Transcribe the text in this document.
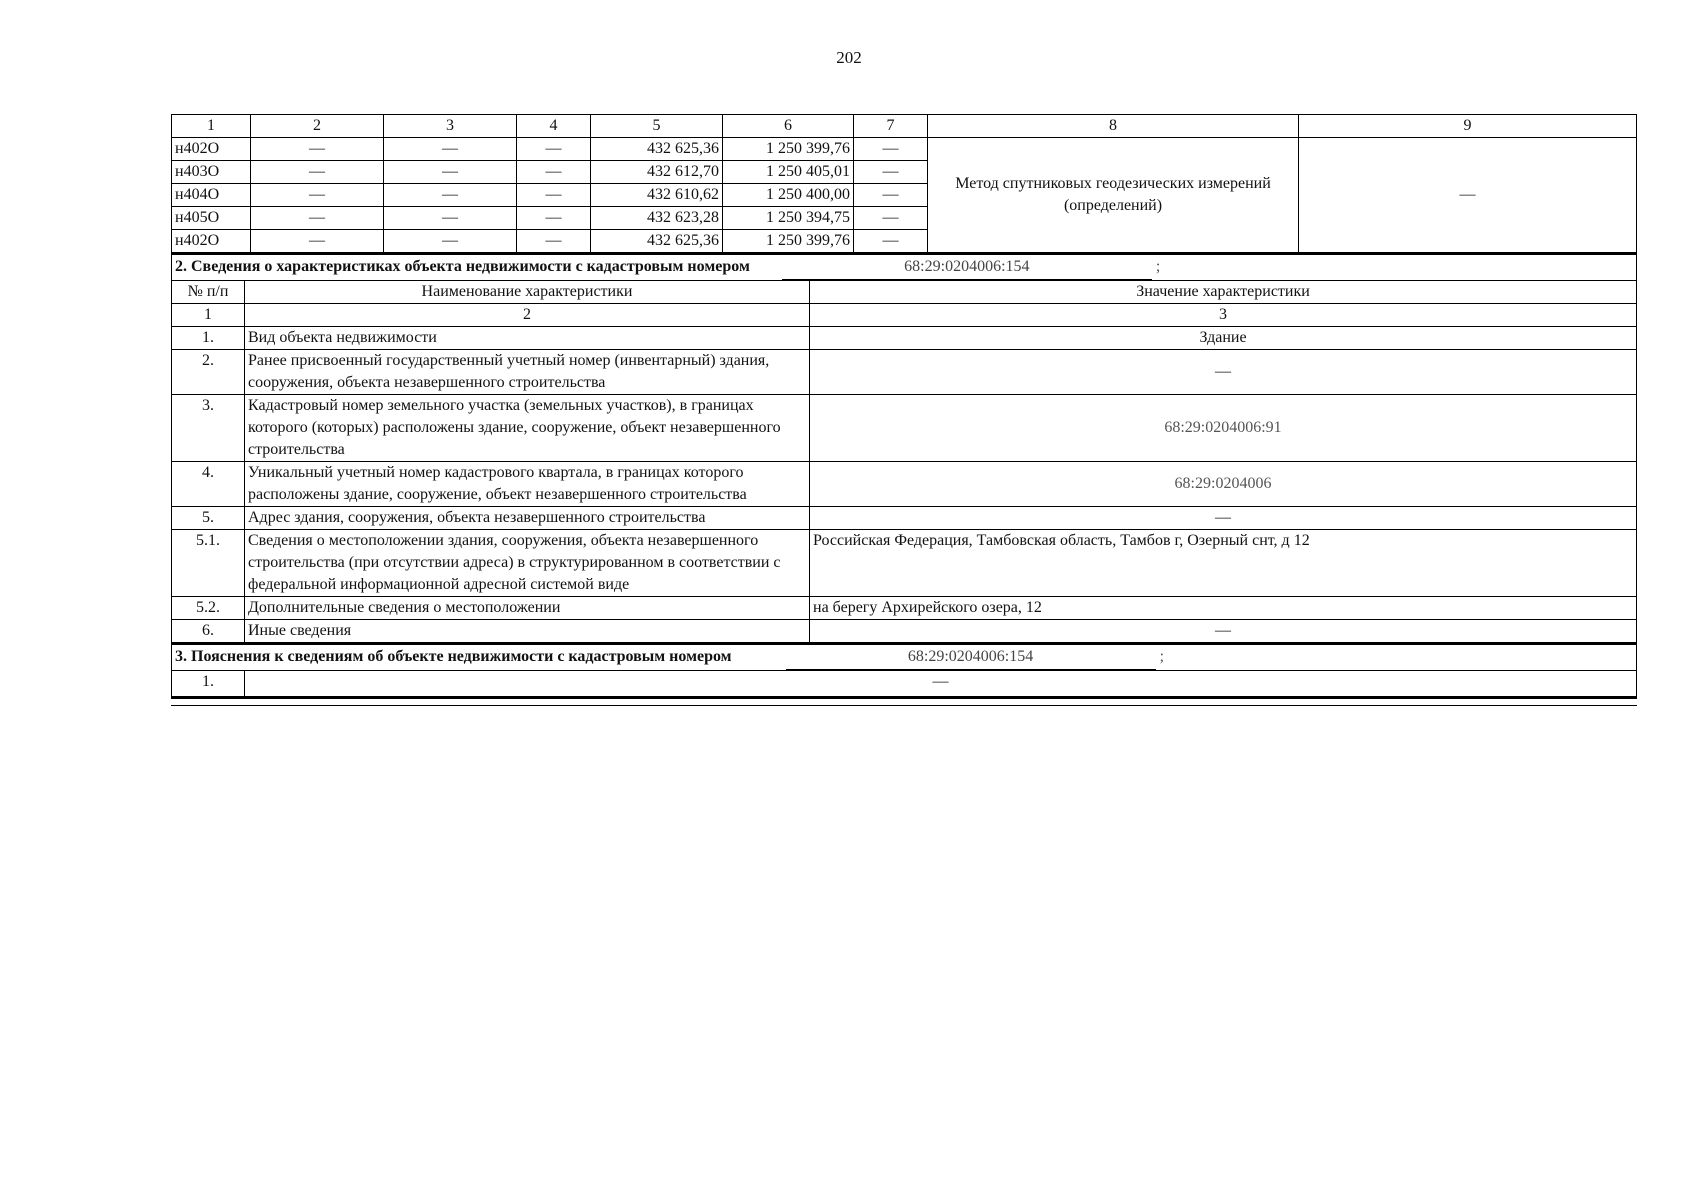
202
1	2	3	4	5	6	7	8	9
н402О	—	—	—	432 625,36	1 250 399,76	—	Метод спутниковых геодезических измерений (определений)	—
н403О	—	—	—	432 612,70	1 250 405,01	—		
н404О	—	—	—	432 610,62	1 250 400,00	—		
н405О	—	—	—	432 623,28	1 250 394,75	—		
н402О	—	—	—	432 625,36	1 250 399,76	—		
2. Сведения о характеристиках объекта недвижимости с кадастровым номером 68:29:0204006:154 ;		
№ п/п	Наименование характеристики	Значение характеристики
1	2	3
1.	Вид объекта недвижимости	Здание
2.	Ранее присвоенный государственный учетный номер (инвентарный) здания, сооружения, объекта незавершенного строительства	—
3.	Кадастровый номер земельного участка (земельных участков), в границах которого (которых) расположены здание, сооружение, объект незавершенного строительства	68:29:0204006:91
4.	Уникальный учетный номер кадастрового квартала, в границах которого расположены здание, сооружение, объект незавершенного строительства	68:29:0204006
5.	Адрес здания, сооружения, объекта незавершенного строительства	—
5.1.	Сведения о местоположении здания, сооружения, объекта незавершенного строительства (при отсутствии адреса) в структурированном в соответствии с федеральной информационной адресной системой виде	Российская Федерация, Тамбовская область, Тамбов г, Озерный снт, д 12
5.2.	Дополнительные сведения о местоположении	на берегу Архирейского озера, 12
6.	Иные сведения	—
3. Пояснения к сведениям об объекте недвижимости с кадастровым номером	68:29:0204006:154	;
1.	—
